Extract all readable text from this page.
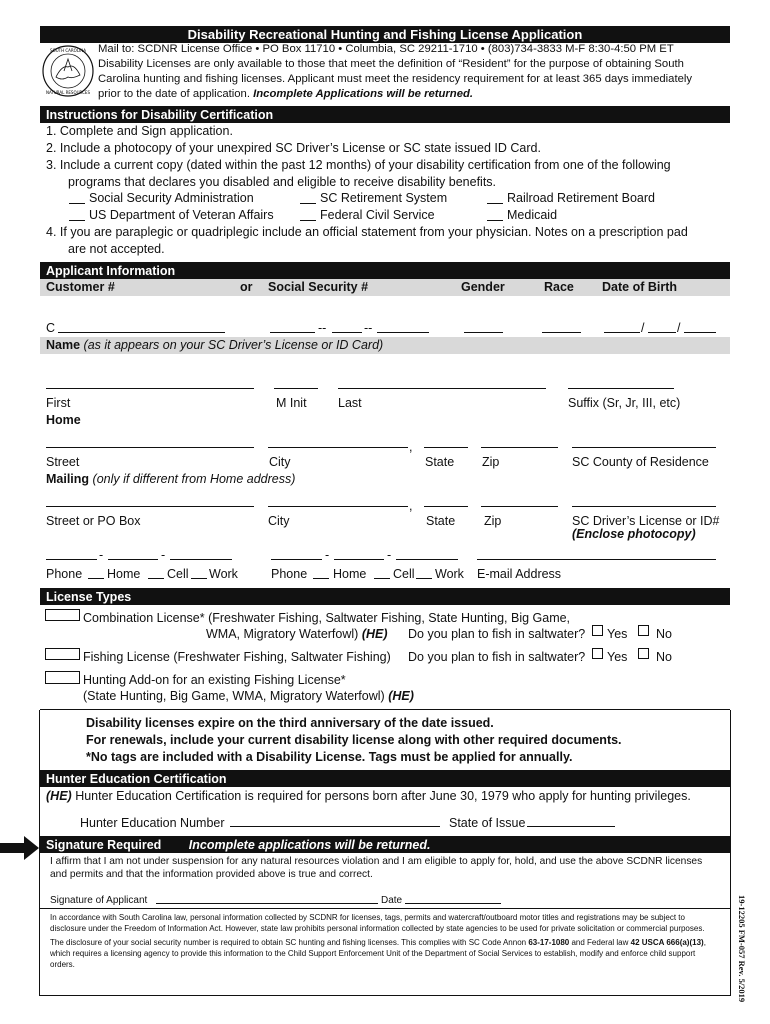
Disability Recreational Hunting and Fishing License Application
SOUTH CAROLINA
NATURAL RESOURCES
Mail to: SCDNR License Office • PO Box 11710 • Columbia, SC 29211-1710 • (803)734-3833 M-F 8:30-4:50 PM ET
Disability Licenses are only available to those that meet the definition of “Resident” for the purpose of obtaining South
Carolina hunting and fishing licenses. Applicant must meet the residency requirement for at least 365 days immediately
prior to the date of application. Incomplete Applications will be returned.
Instructions for Disability Certification
1. Complete and Sign application.
2. Include a photocopy of your unexpired SC Driver’s License or SC state issued ID Card.
3. Include a current copy (dated within the past 12 months) of your disability certification from one of the following
programs that declares you disabled and eligible to receive disability benefits.
Social Security Administration	SC Retirement System	Railroad Retirement Board
US Department of Veteran Affairs	Federal Civil Service	Medicaid
4. If you are paraplegic or quadriplegic include an official statement from your physician. Notes on a prescription pad
are not accepted.
Applicant Information
Customer #	or Social Security #	Gender	Race Date of Birth
C	--	--	/	/
Name (as it appears on your SC Driver’s License or ID Card)
First	M Init	Last	Suffix (Sr, Jr, III, etc)
Home
,
Street	City	State Zip	SC County of Residence
Mailing (only if different from Home address)
,
Street or PO Box	City	State Zip	SC Driver’s License or ID#
(Enclose photocopy)
-	-	-	-
Phone Home Cell Work	Phone Home Cell Work E-mail Address
License Types
Combination License* (Freshwater Fishing, Saltwater Fishing, State Hunting, Big Game,
WMA, Migratory Waterfowl) (HE) Do you plan to fish in saltwater? Yes No
Fishing License (Freshwater Fishing, Saltwater Fishing) Do you plan to fish in saltwater? Yes No
Hunting Add-on for an existing Fishing License*
(State Hunting, Big Game, WMA, Migratory Waterfowl) (HE)
Disability licenses expire on the third anniversary of the date issued.
For renewals, include your current disability license along with other required documents.
*No tags are included with a Disability License. Tags must be applied for annually.
Hunter Education Certification
(HE) Hunter Education Certification is required for persons born after June 30, 1979 who apply for hunting privileges.
Hunter Education Number	State of Issue
Signature Required Incomplete applications will be returned.
I affirm that I am not under suspension for any natural resources violation and I am eligible to apply for, hold, and use the above SCDNR licenses
and permits and that the information provided above is true and correct.
Signature of Applicant	Date
In accordance with South Carolina law, personal information collected by SCDNR for licenses, tags, permits and watercraft/outboard motor titles and registrations may be subject to disclosure under the Freedom of Information Act. However, state law prohibits personal information collected by state agencies to be used for private solicitation or commercial purposes.
The disclosure of your social security number is required to obtain SC hunting and fishing licenses. This complies with SC Code Annon 63-17-1080 and Federal law 42 USCA 666(a)(13), which requires a licensing agency to provide this information to the Child Support Enforcement Unit of the Department of Social Services to establish, modify and enforce child support orders.	19-12205 FM-057 Rev. 5/2019
